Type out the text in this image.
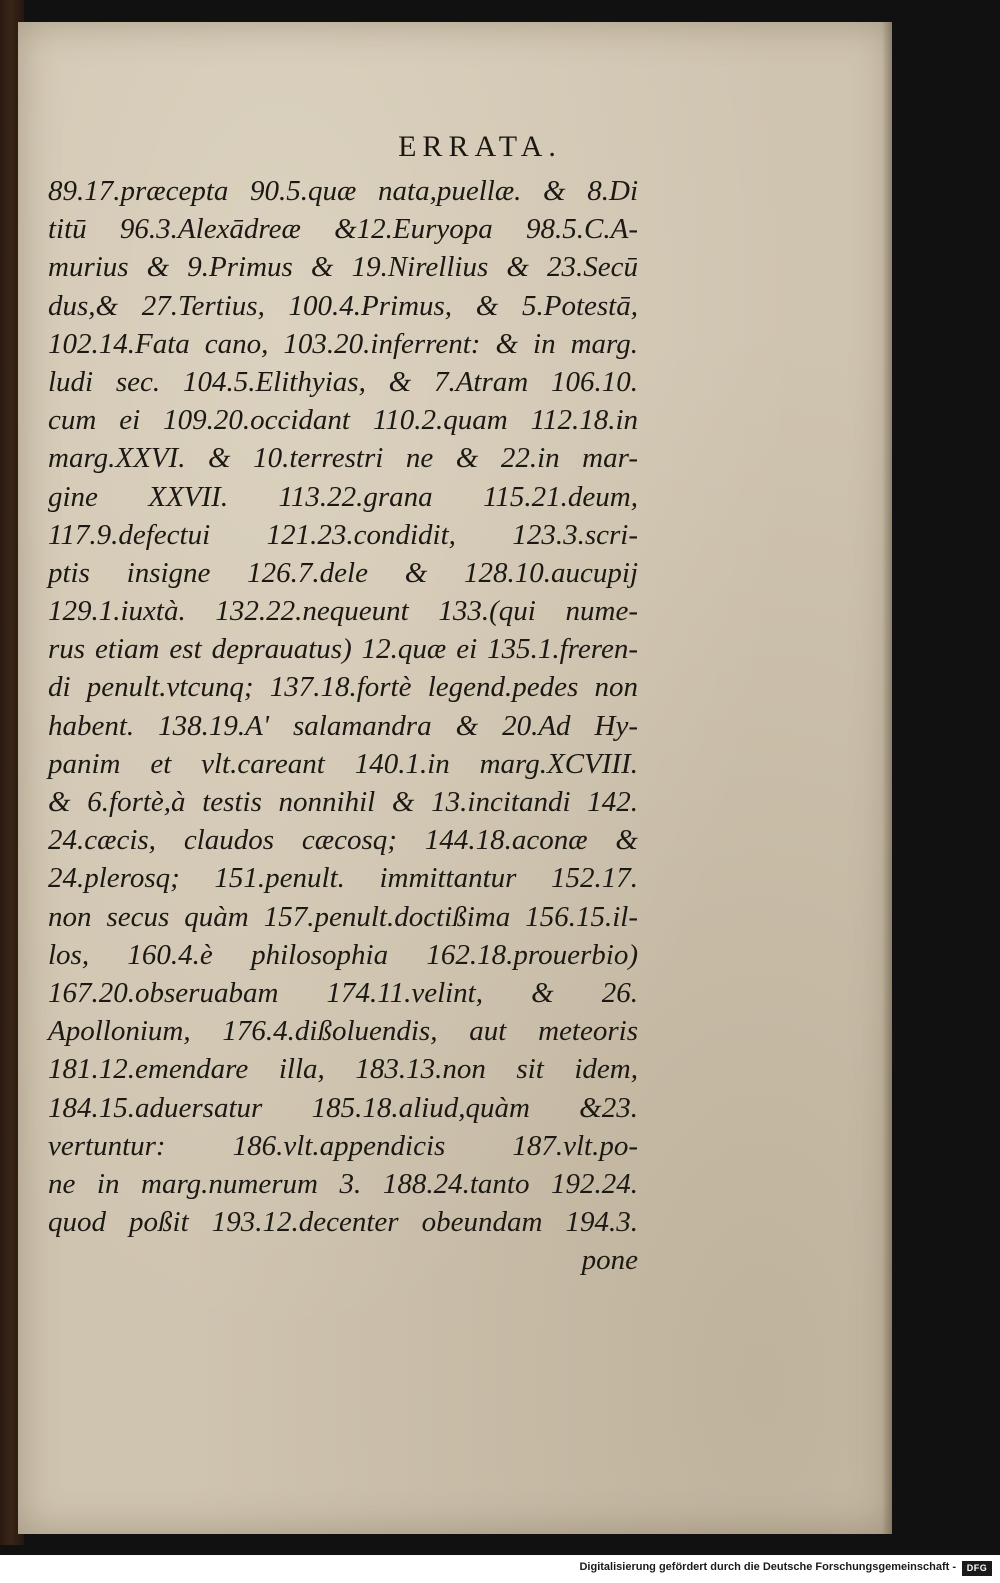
ERRATA.
89.17.præcepta 90.5.quæ nata,puellæ. & 8.Di
titū 96.3.Alexādreæ &12.Euryopa 98.5.C.A-
murius & 9.Primus & 19.Nirellius & 23.Secū
dus,& 27.Tertius, 100.4.Primus, & 5.Potestā,
102.14.Fata cano, 103.20.inferrent: & in marg.
ludi sec. 104.5.Elithyias, & 7.Atram 106.10.
cum ei 109.20.occidant 110.2.quam 112.18.in
marg.XXVI. & 10.terrestri ne & 22.in mar-
gine XXVII. 113.22.grana 115.21.deum,
117.9.defectui 121.23.condidit, 123.3.scri-
ptis insigne 126.7.dele & 128.10.aucupij
129.1.iuxtà. 132.22.nequeunt 133.(qui nume-
rus etiam est deprauatus) 12.quæ ei 135.1.freren-
di penult.vtcunq; 137.18.fortè legend.pedes non
habent. 138.19.A' salamandra & 20.Ad Hy-
panim et vlt.careant 140.1.in marg.XCVIII.
& 6.fortè,à testis nonnihil & 13.incitandi 142.
24.cæcis, claudos cæcosq; 144.18.aconæ &
24.plerosq; 151.penult. immittantur 152.17.
non secus quàm 157.penult.doctißima 156.15.il-
los, 160.4.è philosophia 162.18.prouerbio)
167.20.obseruabam 174.11.velint, & 26.
Apollonium, 176.4.dißoluendis, aut meteoris
181.12.emendare illa, 183.13.non sit idem,
184.15.aduersatur 185.18.aliud,quàm &23.
vertuntur: 186.vlt.appendicis 187.vlt.po-
ne in marg.numerum 3. 188.24.tanto 192.24.
quod poßit 193.12.decenter obeundam 194.3.
pone
Digitalisierung gefördert durch die Deutsche Forschungsgemeinschaft -	DFG
